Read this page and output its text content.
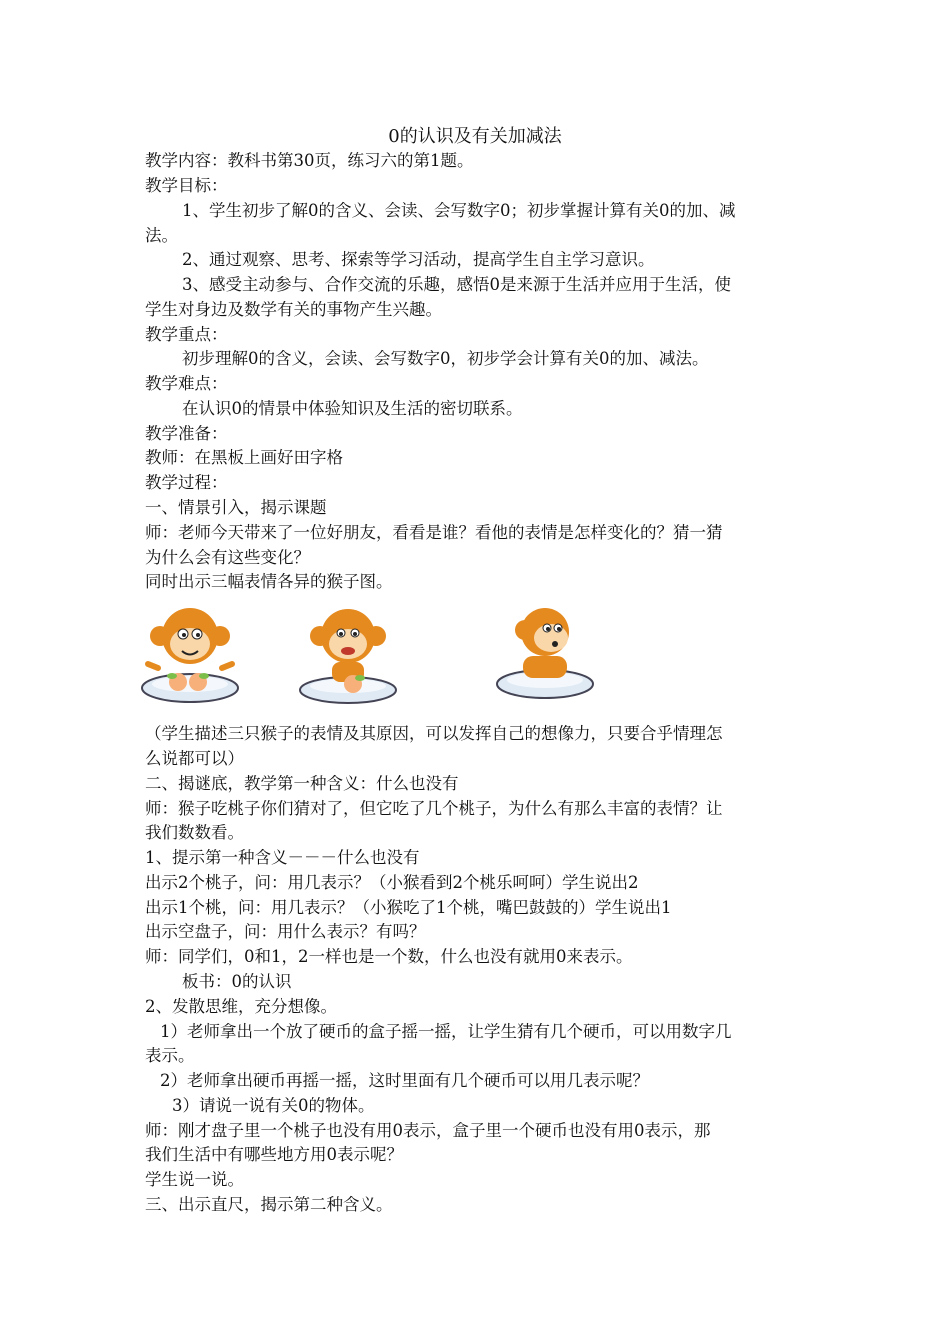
0的认识及有关加减法
教学内容：教科书第30页，练习六的第1题。
教学目标：
1、学生初步了解0的含义、会读、会写数字0；初步掌握计算有关0的加、减
法。
2、通过观察、思考、探索等学习活动，提高学生自主学习意识。
3、感受主动参与、合作交流的乐趣，感悟0是来源于生活并应用于生活，使
学生对身边及数学有关的事物产生兴趣。
教学重点：
初步理解0的含义，会读、会写数字0，初步学会计算有关0的加、减法。
教学难点：
在认识0的情景中体验知识及生活的密切联系。
教学准备：
教师：在黑板上画好田字格
教学过程：
一、情景引入，揭示课题
师：老师今天带来了一位好朋友，看看是谁？看他的表情是怎样变化的？猜一猜
为什么会有这些变化？
同时出示三幅表情各异的猴子图。
（学生描述三只猴子的表情及其原因，可以发挥自己的想像力，只要合乎情理怎
么说都可以）
二、揭谜底，教学第一种含义：什么也没有
师：猴子吃桃子你们猜对了，但它吃了几个桃子，为什么有那么丰富的表情？让
我们数数看。
1、提示第一种含义－－－什么也没有
出示2个桃子，问：用几表示？（小猴看到2个桃乐呵呵）学生说出2
出示1个桃，问：用几表示？（小猴吃了1个桃，嘴巴鼓鼓的）学生说出1
出示空盘子，问：用什么表示？有吗？
师：同学们，0和1，2一样也是一个数，什么也没有就用0来表示。
板书：0的认识
2、发散思维，充分想像。
1）老师拿出一个放了硬币的盒子摇一摇，让学生猜有几个硬币，可以用数字几
表示。
2）老师拿出硬币再摇一摇，这时里面有几个硬币可以用几表示呢？
3）请说一说有关0的物体。
师：刚才盘子里一个桃子也没有用0表示，盒子里一个硬币也没有用0表示，那
我们生活中有哪些地方用0表示呢？
学生说一说。
三、出示直尺，揭示第二种含义。
